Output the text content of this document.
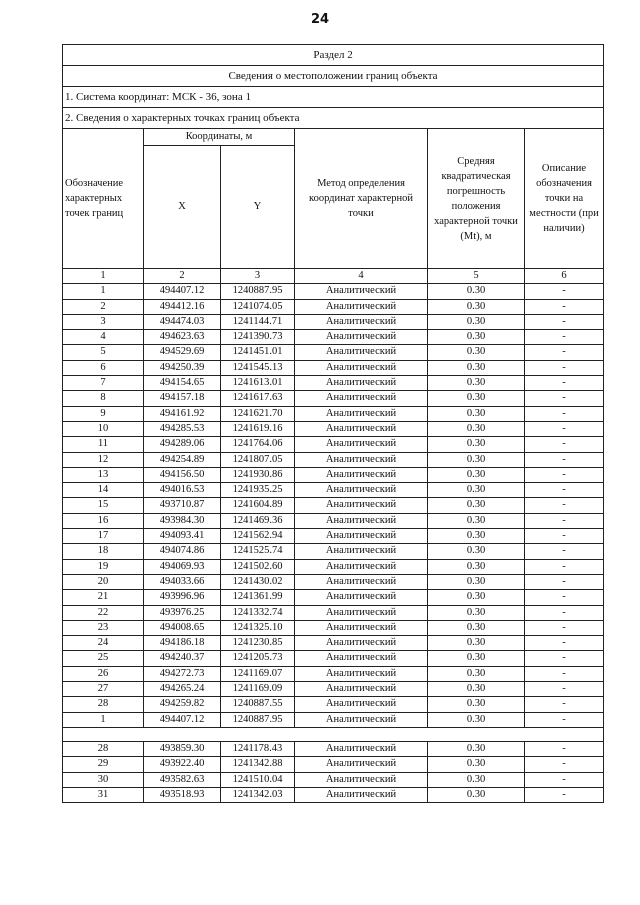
24
Раздел 2					
Сведения о местоположении границ объекта					
1. Система координат: МСК - 36, зона 1					
2. Сведения о характерных точках границ объекта					
Обозначение характерных точек границ	Координаты, м		Метод определения координат характерной точки	Средняя квадратическая погрешность положения характерной точки (Mt), м	Описание обозначения точки на местности (при наличии)
	X	Y			
1	2	3	4	5	6
1	494407.12	1240887.95	Аналитический	0.30	-
2	494412.16	1241074.05	Аналитический	0.30	-
3	494474.03	1241144.71	Аналитический	0.30	-
4	494623.63	1241390.73	Аналитический	0.30	-
5	494529.69	1241451.01	Аналитический	0.30	-
6	494250.39	1241545.13	Аналитический	0.30	-
7	494154.65	1241613.01	Аналитический	0.30	-
8	494157.18	1241617.63	Аналитический	0.30	-
9	494161.92	1241621.70	Аналитический	0.30	-
10	494285.53	1241619.16	Аналитический	0.30	-
11	494289.06	1241764.06	Аналитический	0.30	-
12	494254.89	1241807.05	Аналитический	0.30	-
13	494156.50	1241930.86	Аналитический	0.30	-
14	494016.53	1241935.25	Аналитический	0.30	-
15	493710.87	1241604.89	Аналитический	0.30	-
16	493984.30	1241469.36	Аналитический	0.30	-
17	494093.41	1241562.94	Аналитический	0.30	-
18	494074.86	1241525.74	Аналитический	0.30	-
19	494069.93	1241502.60	Аналитический	0.30	-
20	494033.66	1241430.02	Аналитический	0.30	-
21	493996.96	1241361.99	Аналитический	0.30	-
22	493976.25	1241332.74	Аналитический	0.30	-
23	494008.65	1241325.10	Аналитический	0.30	-
24	494186.18	1241230.85	Аналитический	0.30	-
25	494240.37	1241205.73	Аналитический	0.30	-
26	494272.73	1241169.07	Аналитический	0.30	-
27	494265.24	1241169.09	Аналитический	0.30	-
28	494259.82	1240887.55	Аналитический	0.30	-
1	494407.12	1240887.95	Аналитический	0.30	-

28	493859.30	1241178.43	Аналитический	0.30	-
29	493922.40	1241342.88	Аналитический	0.30	-
30	493582.63	1241510.04	Аналитический	0.30	-
31	493518.93	1241342.03	Аналитический	0.30	-
